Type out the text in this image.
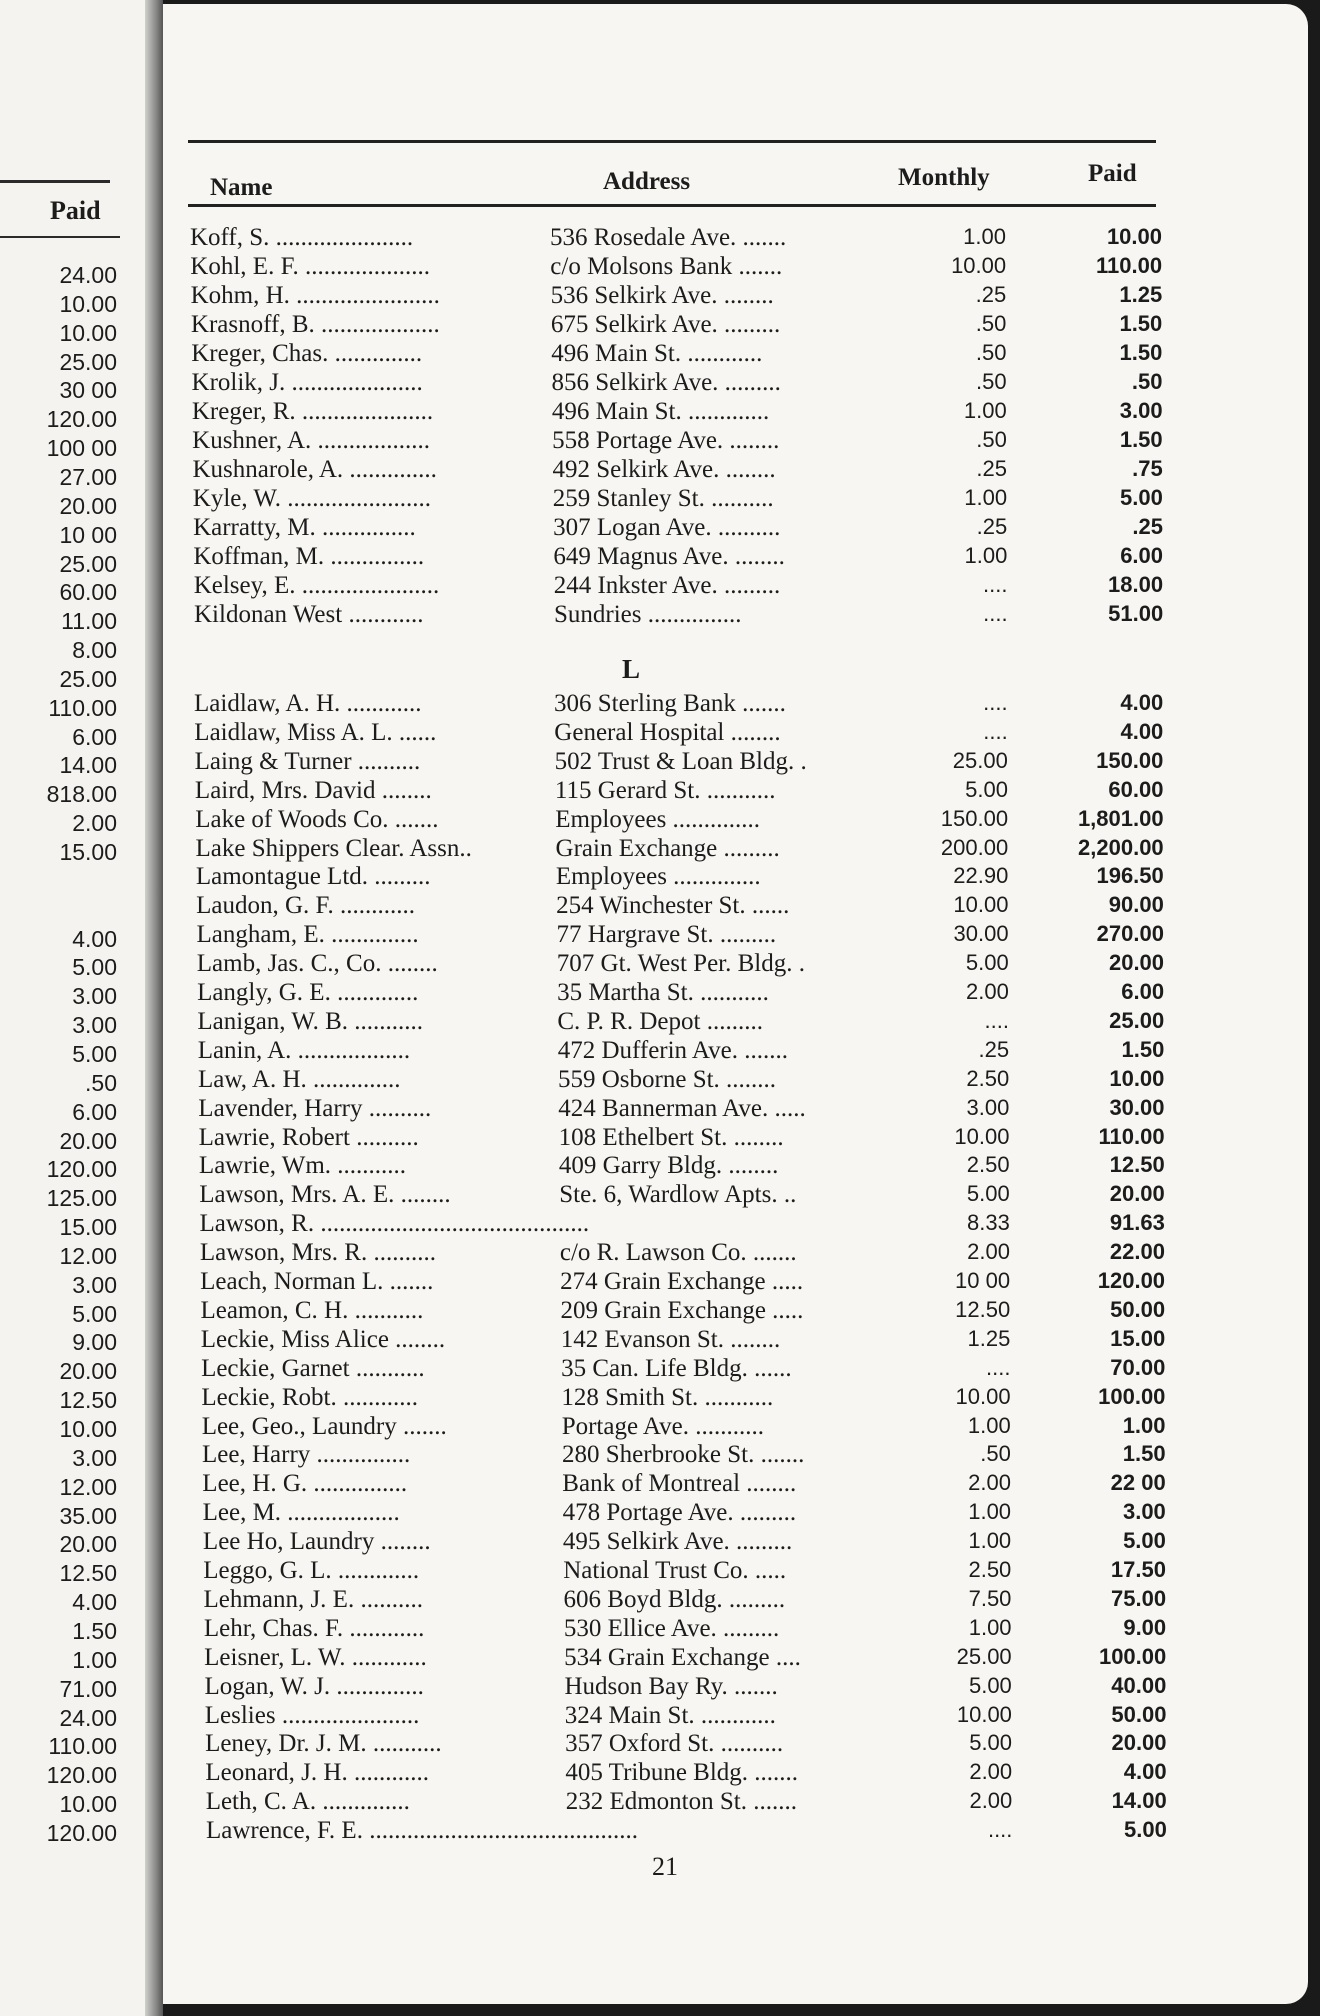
Paid
24.00
10.00
10.00
25.00
30 00
120.00
100 00
27.00
20.00
10 00
25.00
60.00
11.00
8.00
25.00
110.00
6.00
14.00
818.00
2.00
15.00
4.00
5.00
3.00
3.00
5.00
.50
6.00
20.00
120.00
125.00
15.00
12.00
3.00
5.00
9.00
20.00
12.50
10.00
3.00
12.00
35.00
20.00
12.50
4.00
1.50
1.00
71.00
24.00
110.00
120.00
10.00
120.00
Name	Address	Monthly	Paid
Koff, S. ......................	536 Rosedale Ave. .......	1.00	10.00
Kohl, E. F. ....................	c/o Molsons Bank .......	10.00	110.00
Kohm, H. .......................	536 Selkirk Ave. ........	.25	1.25
Krasnoff, B. ...................	675 Selkirk Ave. .........	.50	1.50
Kreger, Chas. ..............	496 Main St. ............	.50	1.50
Krolik, J. .....................	856 Selkirk Ave. .........	.50	.50
Kreger, R. .....................	496 Main St. .............	1.00	3.00
Kushner, A. ..................	558 Portage Ave. ........	.50	1.50
Kushnarole, A. ..............	492 Selkirk Ave. ........	.25	.75
Kyle, W. .......................	259 Stanley St. ..........	1.00	5.00
Karratty, M. ...............	307 Logan Ave. ..........	.25	.25
Koffman, M. ...............	649 Magnus Ave. ........	1.00	6.00
Kelsey, E. ......................	244 Inkster Ave. .........	....	18.00
Kildonan West ............	Sundries ...............	....	51.00
L
Laidlaw, A. H. ............	306 Sterling Bank .......	....	4.00
Laidlaw, Miss A. L. ......	General Hospital ........	....	4.00
Laing & Turner ..........	502 Trust & Loan Bldg. .	25.00	150.00
Laird, Mrs. David ........	115 Gerard St. ...........	5.00	60.00
Lake of Woods Co. .......	Employees ..............	150.00	1,801.00
Lake Shippers Clear. Assn..	Grain Exchange .........	200.00	2,200.00
Lamontague Ltd. .........	Employees ..............	22.90	196.50
Laudon, G. F. ............	254 Winchester St. ......	10.00	90.00
Langham, E. ..............	77 Hargrave St. .........	30.00	270.00
Lamb, Jas. C., Co. ........	707 Gt. West Per. Bldg. .	5.00	20.00
Langly, G. E. .............	35 Martha St. ...........	2.00	6.00
Lanigan, W. B. ...........	C. P. R. Depot .........	....	25.00
Lanin, A. ..................	472 Dufferin Ave. .......	.25	1.50
Law, A. H. ..............	559 Osborne St. ........	2.50	10.00
Lavender, Harry ..........	424 Bannerman Ave. .....	3.00	30.00
Lawrie, Robert ..........	108 Ethelbert St. ........	10.00	110.00
Lawrie, Wm. ...........	409 Garry Bldg. ........	2.50	12.50
Lawson, Mrs. A. E. ........	Ste. 6, Wardlow Apts. ..	5.00	20.00
Lawson, R. ...........................................	8.33	91.63
Lawson, Mrs. R. ..........	c/o R. Lawson Co. .......	2.00	22.00
Leach, Norman L. .......	274 Grain Exchange .....	10 00	120.00
Leamon, C. H. ...........	209 Grain Exchange .....	12.50	50.00
Leckie, Miss Alice ........	142 Evanson St. ........	1.25	15.00
Leckie, Garnet ...........	35 Can. Life Bldg. ......	....	70.00
Leckie, Robt. ............	128 Smith St. ...........	10.00	100.00
Lee, Geo., Laundry .......	Portage Ave. ...........	1.00	1.00
Lee, Harry ...............	280 Sherbrooke St. .......	.50	1.50
Lee, H. G. ...............	Bank of Montreal ........	2.00	22 00
Lee, M. ..................	478 Portage Ave. .........	1.00	3.00
Lee Ho, Laundry ........	495 Selkirk Ave. .........	1.00	5.00
Leggo, G. L. .............	National Trust Co. .....	2.50	17.50
Lehmann, J. E. ..........	606 Boyd Bldg. .........	7.50	75.00
Lehr, Chas. F. ............	530 Ellice Ave. .........	1.00	9.00
Leisner, L. W. ............	534 Grain Exchange ....	25.00	100.00
Logan, W. J. ..............	Hudson Bay Ry. .......	5.00	40.00
Leslies ......................	324 Main St. ............	10.00	50.00
Leney, Dr. J. M. ...........	357 Oxford St. ..........	5.00	20.00
Leonard, J. H. ............	405 Tribune Bldg. .......	2.00	4.00
Leth, C. A. ..............	232 Edmonton St. .......	2.00	14.00
Lawrence, F. E. ...........................................	....	5.00
21
